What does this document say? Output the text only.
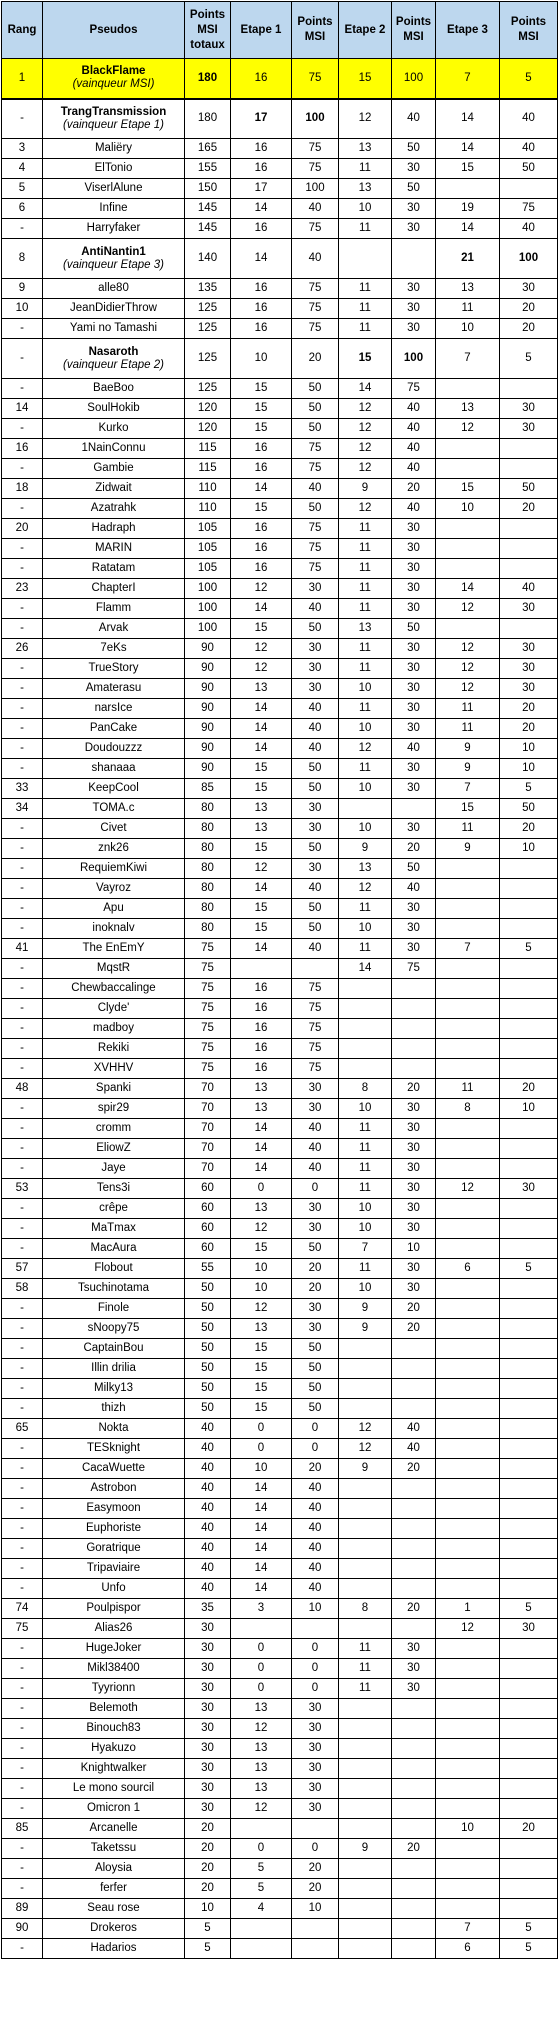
Rang	Pseudos	Points MSI totaux	Etape 1	Points MSI	Etape 2	Points MSI	Etape 3	Points MSI
1	BlackFlame
(vainqueur MSI)	180	16	75	15	100	7	5
-	TrangTransmission
(vainqueur Etape 1)	180	17	100	12	40	14	40
3	Maliëry	165	16	75	13	50	14	40
4	ElTonio	155	16	75	11	30	15	50
5	ViserlAlune	150	17	100	13	50		
6	Infine	145	14	40	10	30	19	75
-	Harryfaker	145	16	75	11	30	14	40
8	AntiNantin1
(vainqueur Etape 3)	140	14	40			21	100
9	alle80	135	16	75	11	30	13	30
10	JeanDidierThrow	125	16	75	11	30	11	20
-	Yami no Tamashi	125	16	75	11	30	10	20
-	Nasaroth
(vainqueur Etape 2)	125	10	20	15	100	7	5
-	BaeBoo	125	15	50	14	75		
14	SoulHokib	120	15	50	12	40	13	30
-	Kurko	120	15	50	12	40	12	30
16	1NainConnu	115	16	75	12	40		
-	Gambie	115	16	75	12	40		
18	Zidwait	110	14	40	9	20	15	50
-	Azatrahk	110	15	50	12	40	10	20
20	Hadraph	105	16	75	11	30		
-	MARIN	105	16	75	11	30		
-	Ratatam	105	16	75	11	30		
23	ChapterI	100	12	30	11	30	14	40
-	Flamm	100	14	40	11	30	12	30
-	Arvak	100	15	50	13	50		
26	7eKs	90	12	30	11	30	12	30
-	TrueStory	90	12	30	11	30	12	30
-	Amaterasu	90	13	30	10	30	12	30
-	narsIce	90	14	40	11	30	11	20
-	PanCake	90	14	40	10	30	11	20
-	Doudouzzz	90	14	40	12	40	9	10
-	shanaaa	90	15	50	11	30	9	10
33	KeepCool	85	15	50	10	30	7	5
34	TOMA.c	80	13	30			15	50
-	Civet	80	13	30	10	30	11	20
-	znk26	80	15	50	9	20	9	10
-	RequiemKiwi	80	12	30	13	50		
-	Vayroz	80	14	40	12	40		
-	Apu	80	15	50	11	30		
-	inoknalv	80	15	50	10	30		
41	The EnEmY	75	14	40	11	30	7	5
-	MqstR	75			14	75		
-	Chewbaccalinge	75	16	75				
-	Clyde'	75	16	75				
-	madboy	75	16	75				
-	Rekiki	75	16	75				
-	XVHHV	75	16	75				
48	Spanki	70	13	30	8	20	11	20
-	spir29	70	13	30	10	30	8	10
-	cromm	70	14	40	11	30		
-	EliowZ	70	14	40	11	30		
-	Jaye	70	14	40	11	30		
53	Tens3i	60	0	0	11	30	12	30
-	crêpe	60	13	30	10	30		
-	MaTmax	60	12	30	10	30		
-	MacAura	60	15	50	7	10		
57	Flobout	55	10	20	11	30	6	5
58	Tsuchinotama	50	10	20	10	30		
-	Finole	50	12	30	9	20		
-	sNoopy75	50	13	30	9	20		
-	CaptainBou	50	15	50				
-	Illin drilia	50	15	50				
-	Milky13	50	15	50				
-	thizh	50	15	50				
65	Nokta	40	0	0	12	40		
-	TESknight	40	0	0	12	40		
-	CacaWuette	40	10	20	9	20		
-	Astrobon	40	14	40				
-	Easymoon	40	14	40				
-	Euphoriste	40	14	40				
-	Goratrique	40	14	40				
-	Tripaviaire	40	14	40				
-	Unfo	40	14	40				
74	Poulpispor	35	3	10	8	20	1	5
75	Alias26	30					12	30
-	HugeJoker	30	0	0	11	30		
-	Mikl38400	30	0	0	11	30		
-	Tyyrionn	30	0	0	11	30		
-	Belemoth	30	13	30				
-	Binouch83	30	12	30				
-	Hyakuzo	30	13	30				
-	Knightwalker	30	13	30				
-	Le mono sourcil	30	13	30				
-	Omicron 1	30	12	30				
85	Arcanelle	20					10	20
-	Taketssu	20	0	0	9	20		
-	Aloysia	20	5	20				
-	ferfer	20	5	20				
89	Seau rose	10	4	10				
90	Drokeros	5					7	5
-	Hadarios	5					6	5
